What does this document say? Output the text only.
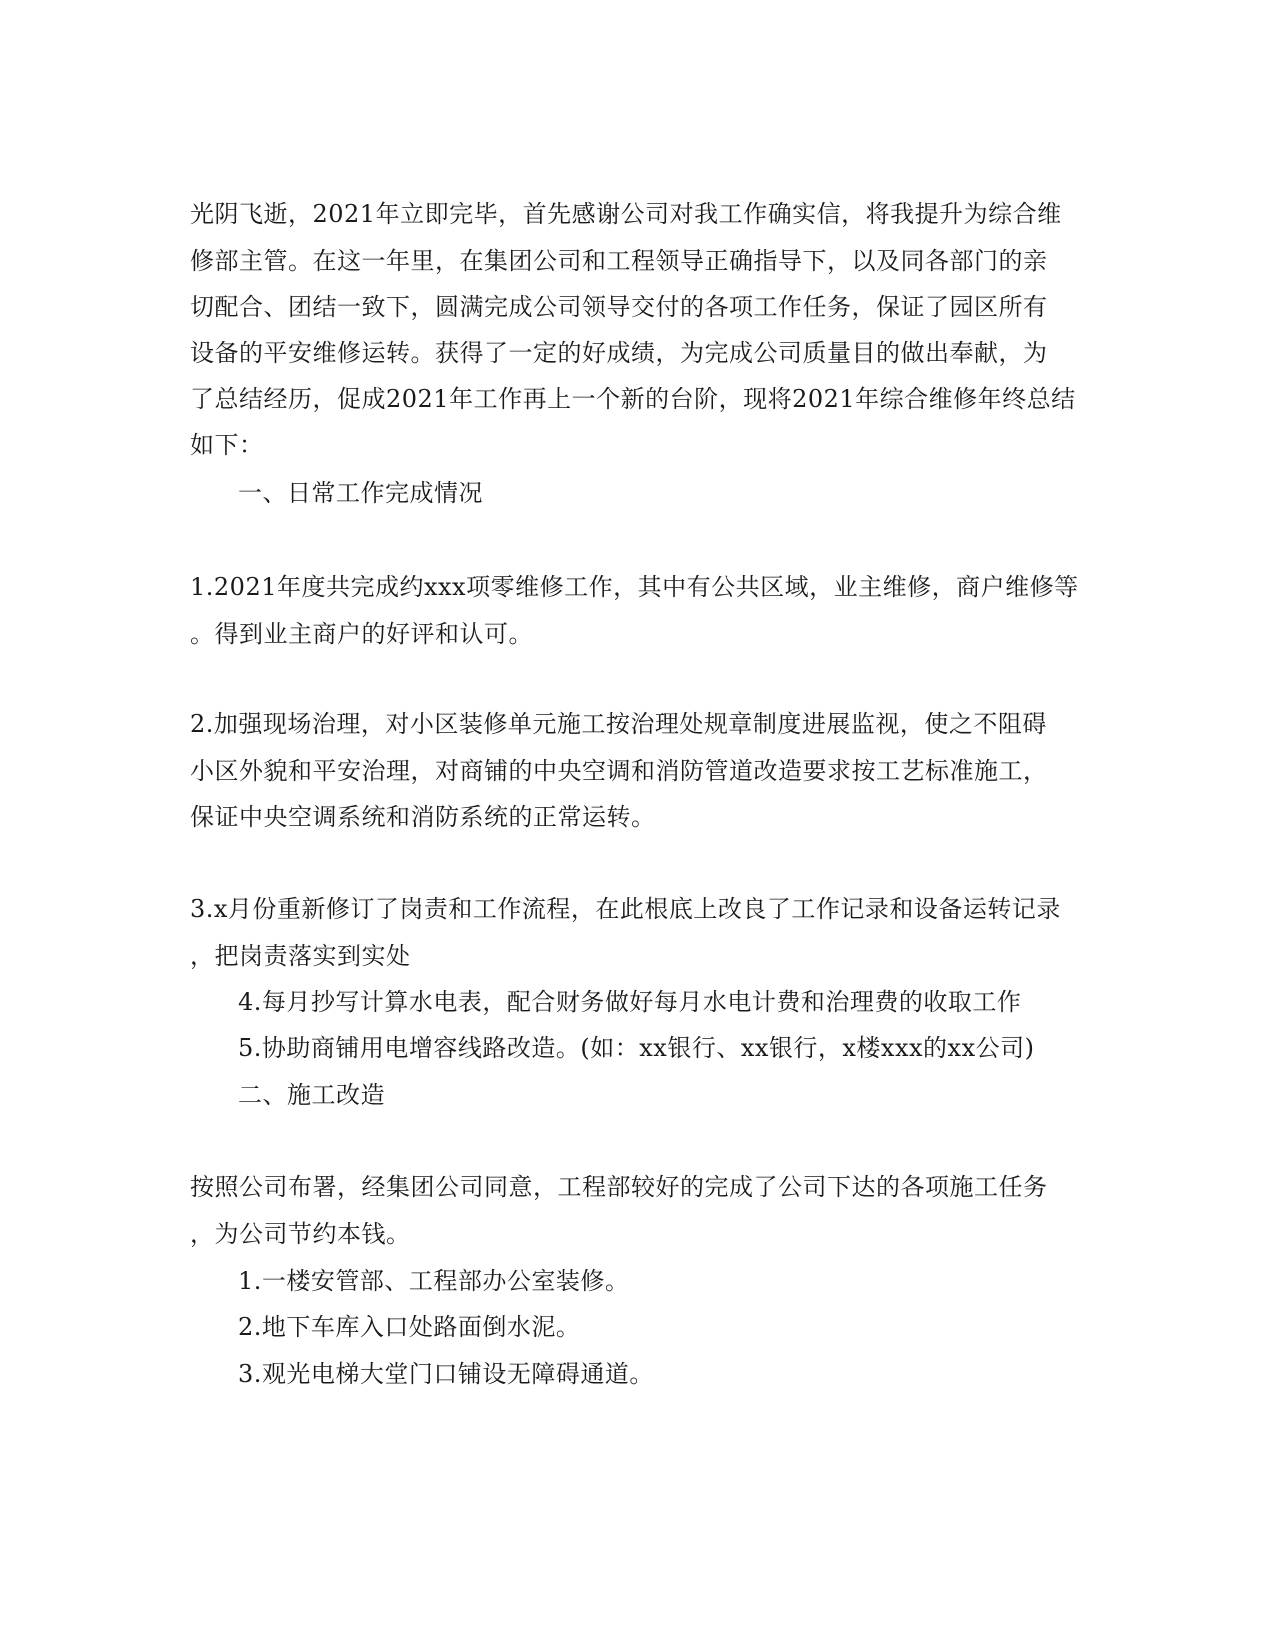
光阴飞逝，2021年立即完毕，首先感谢公司对我工作确实信，将我提升为综合维
修部主管。在这一年里，在集团公司和工程领导正确指导下，以及同各部门的亲
切配合、团结一致下，圆满完成公司领导交付的各项工作任务，保证了园区所有
设备的平安维修运转。获得了一定的好成绩，为完成公司质量目的做出奉献，为
了总结经历，促成2021年工作再上一个新的台阶，现将2021年综合维修年终总结
如下：
一、日常工作完成情况
1.2021年度共完成约xxx项零维修工作，其中有公共区域，业主维修，商户维修等
。得到业主商户的好评和认可。
2.加强现场治理，对小区装修单元施工按治理处规章制度进展监视，使之不阻碍
小区外貌和平安治理，对商铺的中央空调和消防管道改造要求按工艺标准施工，
保证中央空调系统和消防系统的正常运转。
3.x月份重新修订了岗责和工作流程，在此根底上改良了工作记录和设备运转记录
，把岗责落实到实处
4.每月抄写计算水电表，配合财务做好每月水电计费和治理费的收取工作
5.协助商铺用电增容线路改造。(如：xx银行、xx银行，x楼xxx的xx公司)
二、施工改造
按照公司布署，经集团公司同意，工程部较好的完成了公司下达的各项施工任务
，为公司节约本钱。
1.一楼安管部、工程部办公室装修。
2.地下车库入口处路面倒水泥。
3.观光电梯大堂门口铺设无障碍通道。
